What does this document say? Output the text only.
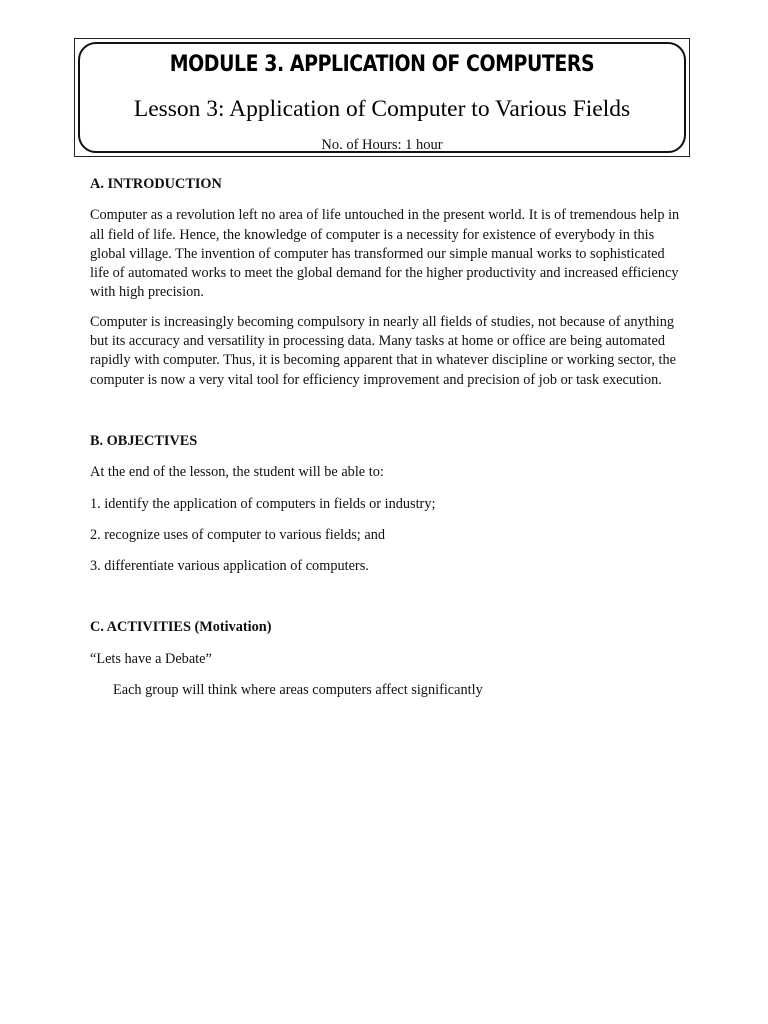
MODULE 3. APPLICATION OF COMPUTERS
Lesson 3: Application of Computer to Various Fields
No. of Hours: 1 hour
A. INTRODUCTION

Computer as a revolution left no area of life untouched in the present world. It is of tremendous help in all field of life. Hence, the knowledge of computer is a necessity for existence of everybody in this global village. The invention of computer has transformed our simple manual works to sophisticated life of automated works to meet the global demand for the higher productivity and increased efficiency with high precision.

Computer is increasingly becoming compulsory in nearly all fields of studies, not because of anything but its accuracy and versatility in processing data. Many tasks at home or office are being automated rapidly with computer. Thus, it is becoming apparent that in whatever discipline or working sector, the computer is now a very vital tool for efficiency improvement and precision of job or task execution.

B. OBJECTIVES
At the end of the lesson, the student will be able to:
1. identify the application of computers in fields or industry;
2. recognize uses of computer to various fields; and
3. differentiate various application of computers.
C. ACTIVITIES (Motivation)
“Lets have a Debate”
Each group will think where areas computers affect significantly
